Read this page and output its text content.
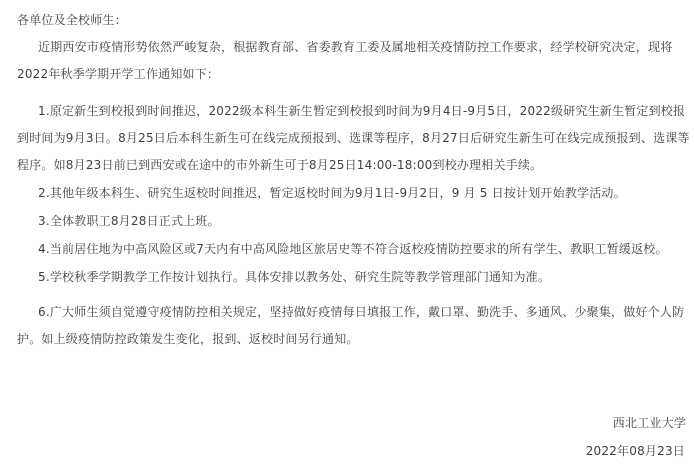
各单位及全校师生：

近期西安市疫情形势依然严峻复杂，根据教育部、省委教育工委及属地相关疫情防控工作要求，经学校研究决定，现将2022年秋季学期开学工作通知如下：

1.原定新生到校报到时间推迟，2022级本科生新生暂定到校报到时间为9月4日-9月5日，2022级研究生新生暂定到校报到时间为9月3日。8月25日后本科生新生可在线完成预报到、选课等程序，8月27日后研究生新生可在线完成预报到、选课等程序。如8月23日前已到西安或在途中的市外新生可于8月25日14:00-18:00到校办理相关手续。

2.其他年级本科生、研究生返校时间推迟，暂定返校时间为9月1日-9月2日，9 月 5 日按计划开始教学活动。

3.全体教职工8月28日正式上班。

4.当前居住地为中高风险区或7天内有中高风险地区旅居史等不符合返校疫情防控要求的所有学生、教职工暂缓返校。

5.学校秋季学期教学工作按计划执行。具体安排以教务处、研究生院等教学管理部门通知为准。

6.广大师生须自觉遵守疫情防控相关规定，坚持做好疫情每日填报工作，戴口罩、勤洗手、多通风、少聚集，做好个人防护。如上级疫情防控政策发生变化，报到、返校时间另行通知。

西北工业大学

2022年08月23日
